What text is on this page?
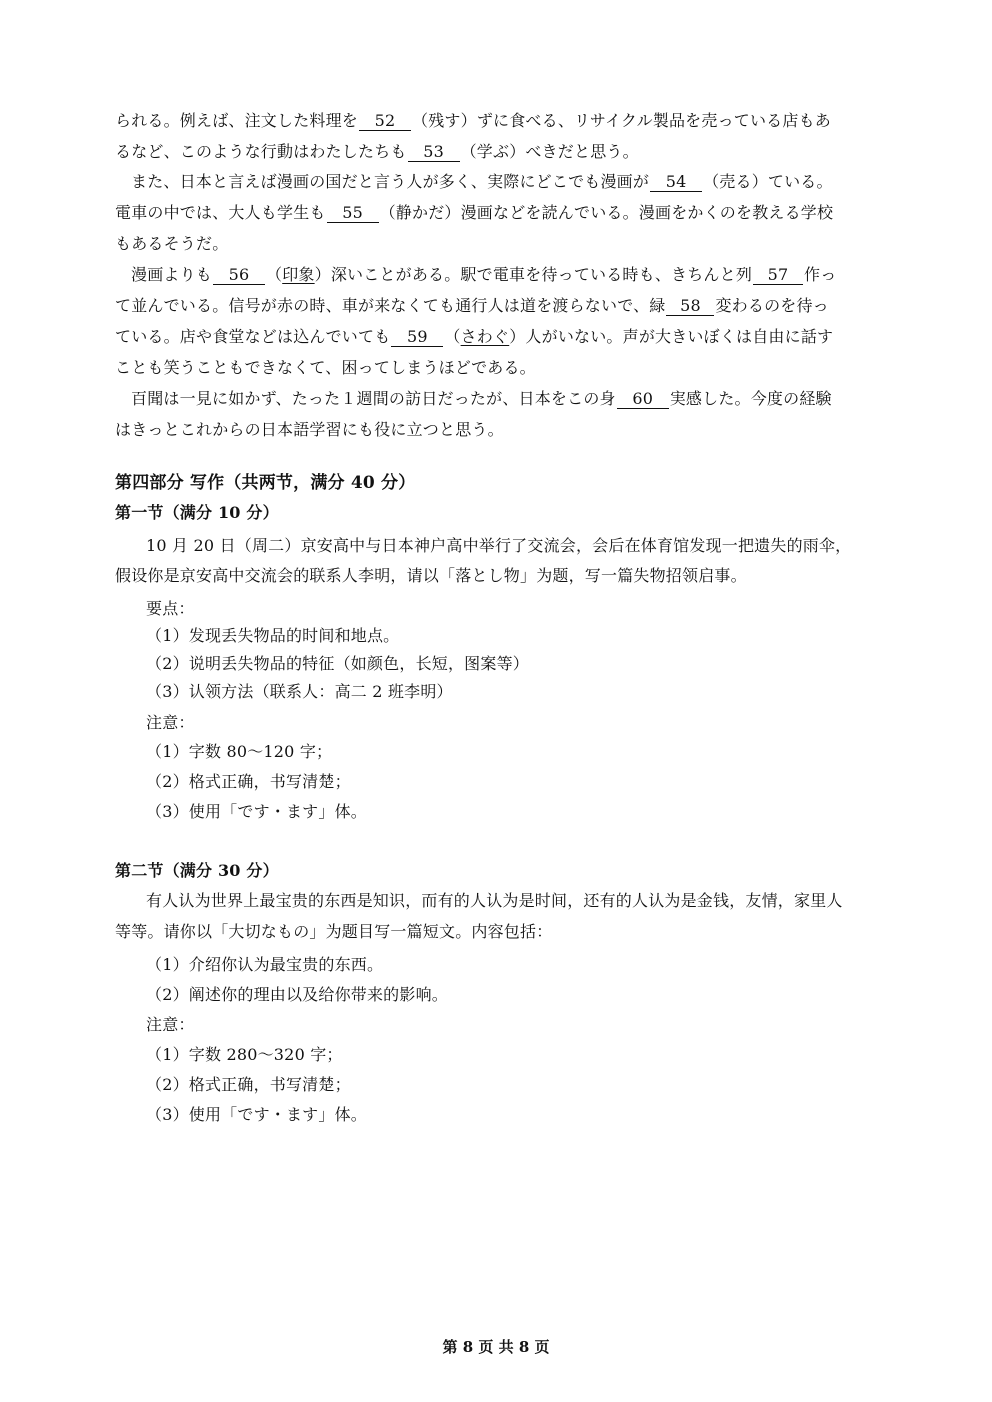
られる。例えば、注文した料理を 52 （残す）ずに食べる、リサイクル製品を売っている店もあ
るなど、このような行動はわたしたちも 53 （学ぶ）べきだと思う。
また、日本と言えば漫画の国だと言う人が多く、実際にどこでも漫画が 54 （売る）ている。
電車の中では、大人も学生も 55 （静かだ）漫画などを読んでいる。漫画をかくのを教える学校
もあるそうだ。
漫画よりも 56 （印象）深いことがある。駅で電車を待っている時も、きちんと列 57 作っ
て並んでいる。信号が赤の時、車が来なくても通行人は道を渡らないで、緑 58 変わるのを待っ
ている。店や食堂などは込んでいても 59 （さわぐ）人がいない。声が大きいぼくは自由に話す
ことも笑うこともできなくて、困ってしまうほどである。
百聞は一見に如かず、たった１週間の訪日だったが、日本をこの身 60 実感した。今度の経験
はきっとこれからの日本語学習にも役に立つと思う。
第四部分 写作（共两节，满分 40 分）
第一节（满分 10 分）
10 月 20 日（周二）京安高中与日本神户高中举行了交流会，会后在体育馆发现一把遗失的雨伞，
假设你是京安高中交流会的联系人李明，请以「落とし物」为题，写一篇失物招领启事。
要点：
（1）发现丢失物品的时间和地点。
（2）说明丢失物品的特征（如颜色，长短，图案等）
（3）认领方法（联系人：高二 2 班李明）
注意：
（1）字数 80～120 字；
（2）格式正确，书写清楚；
（3）使用「です・ます」体。
第二节（满分 30 分）
有人认为世界上最宝贵的东西是知识，而有的人认为是时间，还有的人认为是金钱，友情，家里人
等等。请你以「大切なもの」为题目写一篇短文。内容包括：
（1）介绍你认为最宝贵的东西。
（2）阐述你的理由以及给你带来的影响。
注意：
（1）字数 280～320 字；
（2）格式正确，书写清楚；
（3）使用「です・ます」体。
第 8 页 共 8 页
